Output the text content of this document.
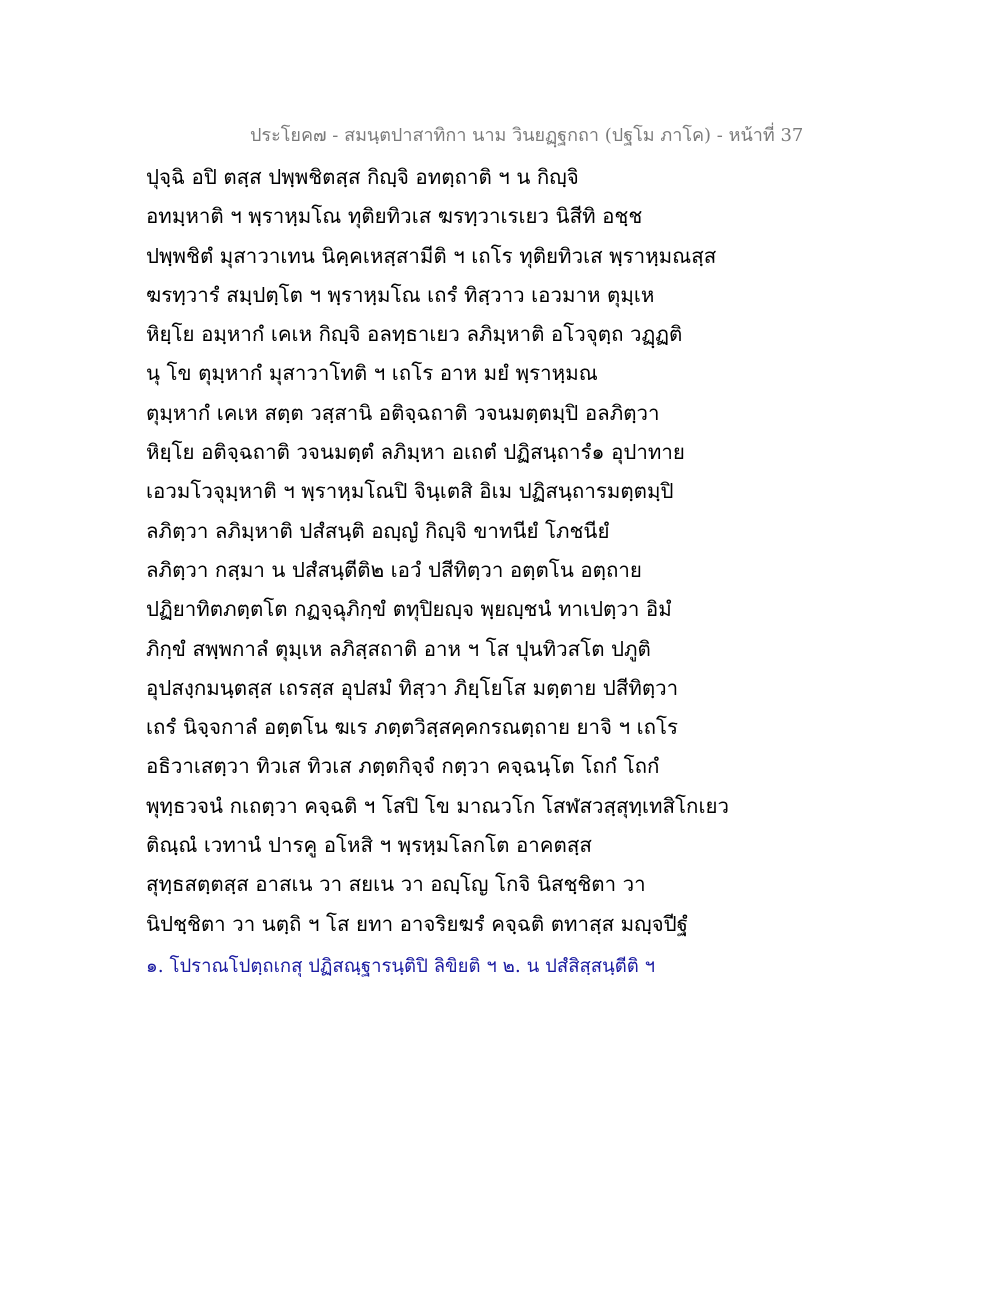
ประโยค๗ - สมนฺตปาสาทิกา นาม วินยฏฺฐกถา (ปฐโม ภาโค) - หน้าที่ 37
ปุจฺฉิ อปิ ตสฺส ปพฺพชิตสฺส กิญฺจิ อทตฺถาติ ฯ น กิญฺจิ
อทมฺหาติ ฯ พฺราหฺมโณ ทุติยทิวเส ฆรทฺวาเรเยว นิสีทิ อชฺช
ปพฺพชิตํ มุสาวาเทน นิคฺคเหสฺสามีติ ฯ เถโร ทุติยทิวเส พฺราหฺมณสฺส
ฆรทฺวารํ สมฺปตฺโต ฯ พฺราหฺมโณ เถรํ ทิสฺวาว เอวมาห ตุมฺเห
หิยฺโย อมฺหากํ เคเห กิญฺจิ อลทฺธาเยว ลภิมฺหาติ อโวจุตฺถ วฏฺฏติ
นุ โข ตุมฺหากํ มุสาวาโทติ ฯ เถโร อาห มยํ พฺราหฺมณ
ตุมฺหากํ เคเห สตฺต วสฺสานิ อติจฺฉถาติ วจนมตฺตมฺปิ อลภิตฺวา
หิยฺโย อติจฺฉถาติ วจนมตฺตํ ลภิมฺหา อเถตํ ปฏิสนฺถารํ๑ อุปาทาย
เอวมโวจุมฺหาติ ฯ พฺราหฺมโณปิ จินฺเตสิ อิเม ปฏิสนฺถารมตฺตมฺปิ
ลภิตฺวา ลภิมฺหาติ ปสํสนฺติ อญฺญํ กิญฺจิ ขาทนียํ โภชนียํ
ลภิตฺวา กสฺมา น ปสํสนฺตีติ๒ เอวํ ปสีทิตฺวา อตฺตโน อตฺถาย
ปฏิยาทิตภตฺตโต กฏจฺฉุภิกฺขํ ตทุปิยญฺจ พฺยญฺชนํ ทาเปตฺวา อิมํ
ภิกฺขํ สพฺพกาลํ ตุมฺเห ลภิสฺสถาติ อาห ฯ โส ปุนทิวสโต ปภูติ
อุปสงฺกมนฺตสฺส เถรสฺส อุปสมํ ทิสฺวา ภิยฺโยโส มตฺตาย ปสีทิตฺวา
เถรํ นิจฺจกาลํ อตฺตโน ฆเร ภตฺตวิสฺสคฺคกรณตฺถาย ยาจิ ฯ เถโร
อธิวาเสตฺวา ทิวเส ทิวเส ภตฺตกิจฺจํ กตฺวา คจฺฉนฺโต โถกํ โถกํ
พุทฺธวจนํ กเถตฺวา คจฺฉติ ฯ โสปิ โข มาณวโก โสฬสวสฺสุทฺเทสิโกเยว
ติณฺณํ เวทานํ ปารคู อโหสิ ฯ พฺรหฺมโลกโต อาคตสฺส
สุทฺธสตฺตสฺส อาสเน วา สยเน วา อญฺโญ โกจิ นิสชฺชิตา วา
นิปชฺชิตา วา นตฺถิ ฯ โส ยทา อาจริยฆรํ คจฺฉติ ตทาสฺส มญฺจปีฐํ
๑. โปราณโปตฺถเกสุ ปฏิสณฺฐารนฺติปิ ลิขิยติ ฯ ๒. น ปสํสิสฺสนฺตีติ ฯ
